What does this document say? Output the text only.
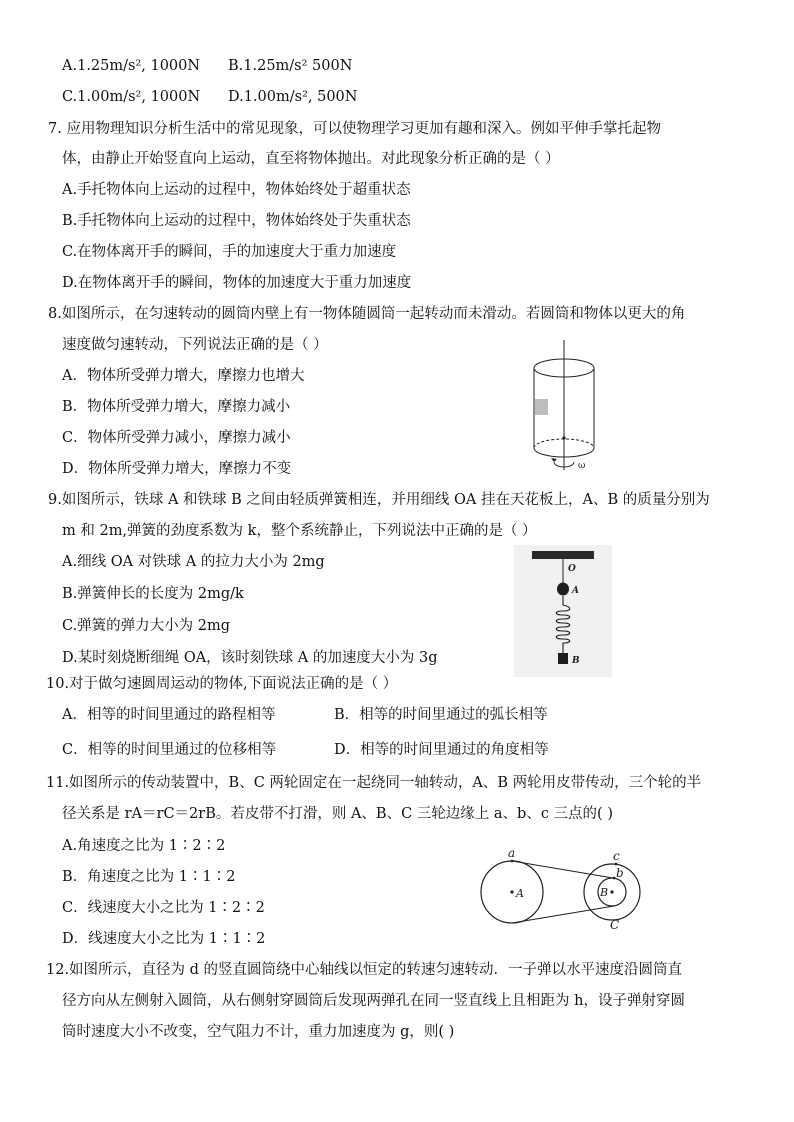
A.1.25m/s², 1000N B.1.25m/s² 500N
C.1.00m/s², 1000N D.1.00m/s², 500N
7. 应用物理知识分析生活中的常见现象，可以使物理学习更加有趣和深入。例如平伸手掌托起物
体，由静止开始竖直向上运动，直至将物体抛出。对此现象分析正确的是（ ）
A.手托物体向上运动的过程中，物体始终处于超重状态
B.手托物体向上运动的过程中，物体始终处于失重状态
C.在物体离开手的瞬间，手的加速度大于重力加速度
D.在物体离开手的瞬间，物体的加速度大于重力加速度
8.如图所示，在匀速转动的圆筒内壁上有一物体随圆筒一起转动而未滑动。若圆筒和物体以更大的角
速度做匀速转动，下列说法正确的是（ ）
A．物体所受弹力增大，摩擦力也增大
B．物体所受弹力增大，摩擦力减小
C．物体所受弹力减小，摩擦力减小
D．物体所受弹力增大，摩擦力不变	ω
9.如图所示，铁球 A 和铁球 B 之间由轻质弹簧相连，并用细线 OA 挂在天花板上，A、B 的质量分别为
m 和 2m,弹簧的劲度系数为 k，整个系统静止，下列说法中正确的是（ ）
A.细线 OA 对铁球 A 的拉力大小为 2mg
B.弹簧伸长的长度为 2mg/k
C.弹簧的弹力大小为 2mg
D.某时刻烧断细绳 OA，该时刻铁球 A 的加速度大小为 3g
O
A
B
10.对于做匀速圆周运动的物体,下面说法正确的是（ ）
A．相等的时间里通过的路程相等	B．相等的时间里通过的弧长相等
C．相等的时间里通过的位移相等	D．相等的时间里通过的角度相等
11.如图所示的传动装置中，B、C 两轮固定在一起绕同一轴转动，A、B 两轮用皮带传动，三个轮的半
径关系是 rA＝rC＝2rB。若皮带不打滑，则 A、B、C 三轮边缘上 a、b、c 三点的( )
A.角速度之比为 1∶2∶2
B．角速度之比为 1∶1∶2
C．线速度大小之比为 1∶2∶2
D．线速度大小之比为 1∶1∶2
a	c
b
A	B
C
12.如图所示，直径为 d 的竖直圆筒绕中心轴线以恒定的转速匀速转动．一子弹以水平速度沿圆筒直
径方向从左侧射入圆筒，从右侧射穿圆筒后发现两弹孔在同一竖直线上且相距为 h，设子弹射穿圆
筒时速度大小不改变，空气阻力不计，重力加速度为 g，则( )
